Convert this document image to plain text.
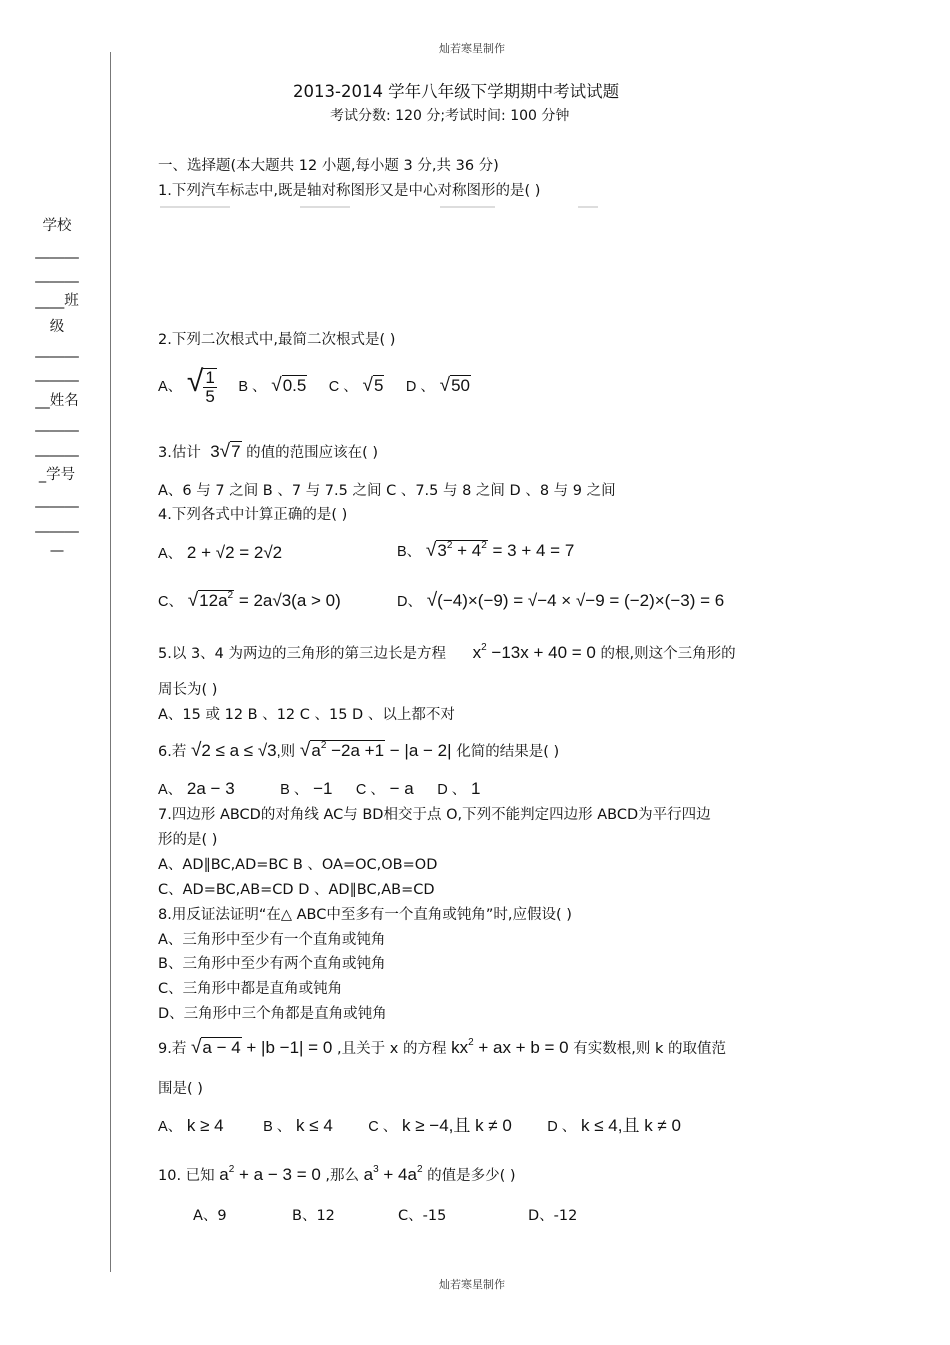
灿若寒星制作
灿若寒星制作
2013-2014 学年八年级下学期期中考试试题
考试分数: 120 分;考试时间: 100 分钟
学校
______
______
____班
级
______
______
__姓名
______
______
_学号
______
______
—
一、选择题(本大题共 12 小题,每小题 3 分,共 36 分)
1.下列汽车标志中,既是轴对称图形又是中心对称图形的是( )
2.下列二次根式中,最简二次根式是( )
A、 √ $\frac{1}{5}$ B 、 √0.5 C 、 √5 D 、 √50
3.估计 3√7 的值的范围应该在( )
A、6 与 7 之间 B 、7 与 7.5 之间 C 、7.5 与 8 之间 D 、8 与 9 之间
4.下列各式中计算正确的是( )
A、 2 + √2 = 2√2	B、 $√3^2 + 4^2 = 3 + 4 = 7$
C、 $√12a^2 = 2a√3(a > 0)$	D、 √(−4)×(−9) = √−4 × √−9 = (−2)×(−3) = 6
5.以 3、4 为两边的三角形的第三边长是方程 $x^2 -13x + 40 = 0$ 的根,则这个三角形的
周长为( )
A、15 或 12 B 、12 C 、15 D 、以上都不对
6.若 √2 ≤ a ≤ √3,则 $√a^2 -2a +1 - |a - 2|$ 化简的结果是( )
A、 2a − 3	B 、 −1 C 、 − a D 、 1
7.四边形 ABCD的对角线 AC与 BD相交于点 O,下列不能判定四边形 ABCD为平行四边
形的是( )
A、AD∥BC,AD=BC B 、OA=OC,OB=OD
C、AD=BC,AB=CD D 、AD∥BC,AB=CD
8.用反证法证明“在△ ABC中至多有一个直角或钝角”时,应假设( )
A、三角形中至少有一个直角或钝角
B、三角形中至少有两个直角或钝角
C、三角形中都是直角或钝角
D、三角形中三个角都是直角或钝角
9.若 √a − 4 + |b −1| = 0 ,且关于 x 的方程 $kx^2$ + ax + b = 0 有实数根,则 k 的取值范
围是( )
A、 k ≥ 4	B 、 k ≤ 4 C 、 k ≥ −4,且 k ≠ 0 D 、 k ≤ 4,且 k ≠ 0
10. 已知 $a^2 + a - 3 = 0$ ,那么 $a^3 + 4a^2$ 的值是多少( )
A、9	B、12	C、-15	D、-12
